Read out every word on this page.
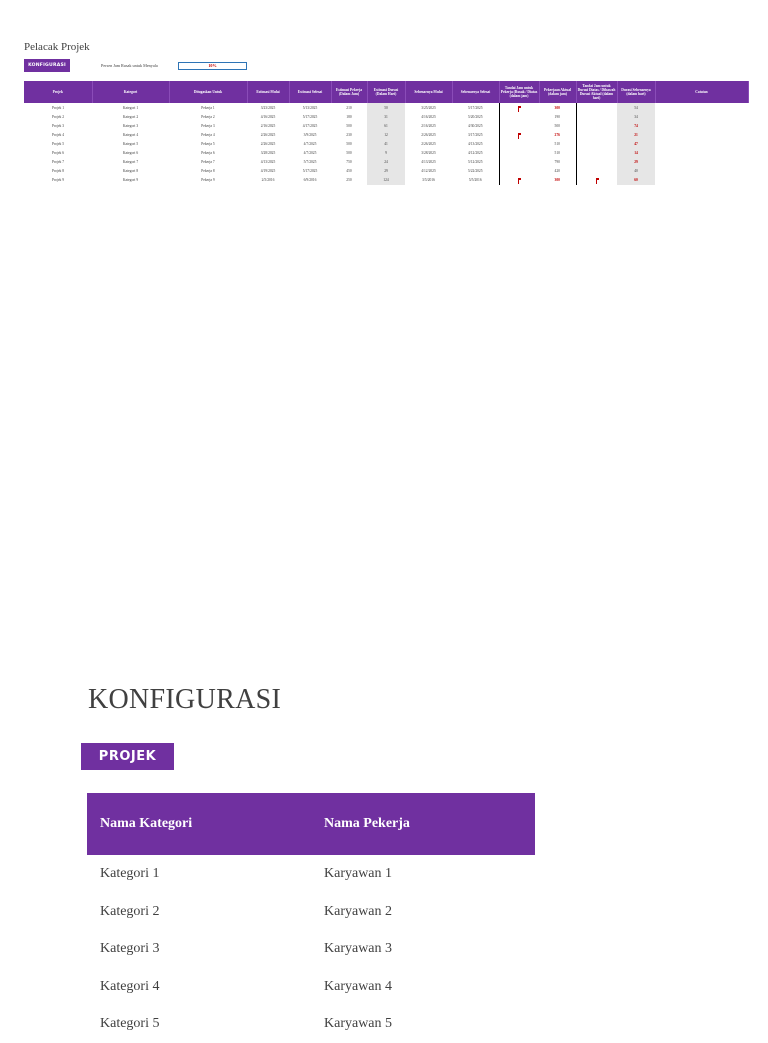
Pelacak Projek
KONFIGURASI	Persen Jam Rusak untuk Menyala	10%
Projek	Kategori	Ditugaskan Untuk	Estimasi Mulai	Estimasi Selesai	Estimasi Pekerja (Dalam Jam)	Estimasi Durasi (Dalam Hari)	Sebenarnya Mulai	Sebenarnya Selesai	Tandai Jam untuk Pekerja (Rusak / Diatas (dalam jam)	Pekerjaan Aktual (dalam jam)	Tandai Jam untuk Durasi Diatas / Dibawah Durasi Aktual (dalam hari)	Durasi Sebenarnya (dalam hari)	Catatan
Projek 1	Kategori 1	Pekerja 1	3/23/2025	5/13/2025	210	50	3/25/2025	5/17/2025		300		54	
Projek 2	Kategori 2	Pekerja 2	4/16/2025	5/17/2025	180	31	4/16/2025	5/20/2025		190		34	
Projek 3	Kategori 3	Pekerja 3	2/16/2025	4/17/2025	500	61	2/16/2025	4/30/2025		500		74	
Projek 4	Kategori 4	Pekerja 4	2/26/2025	3/9/2025	230	12	2/26/2025	3/17/2025		276		21	
Projek 5	Kategori 5	Pekerja 5	2/26/2025	4/7/2025	500	41	2/26/2025	4/13/2025		510		47	
Projek 6	Kategori 6	Pekerja 6	3/28/2025	4/7/2025	500	9	3/28/2025	4/12/2025		510		14	
Projek 7	Kategori 7	Pekerja 7	4/13/2025	5/7/2025	750	24	4/13/2025	5/12/2025		790		29	
Projek 8	Kategori 8	Pekerja 8	4/19/2025	5/17/2025	450	29	4/12/2025	5/22/2025		420		40	
Projek 9	Kategori 9	Pekerja 9	2/5/2016	6/9/2016	250	124	3/5/2016	5/5/2016		300		60	
KONFIGURASI
PROJEK
Nama Kategori	Nama Pekerja
Kategori 1	Karyawan 1
Kategori 2	Karyawan 2
Kategori 3	Karyawan 3
Kategori 4	Karyawan 4
Kategori 5	Karyawan 5
